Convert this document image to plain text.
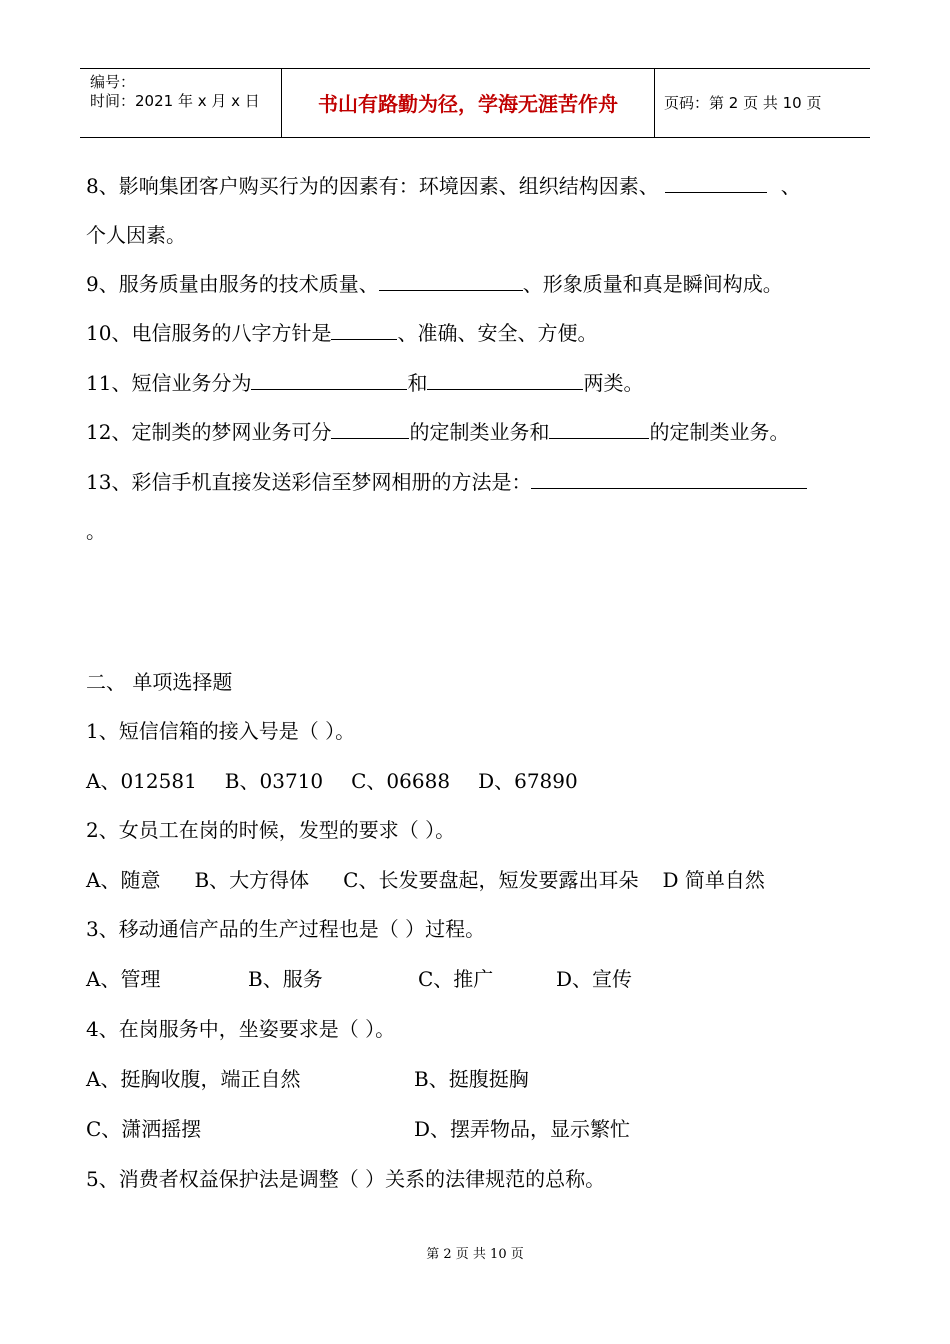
编号：
时间：2021 年 x 月 x 日	书山有路勤为径，学海无涯苦作舟	页码：第 2 页 共 10 页
8、影响集团客户购买行为的因素有：环境因素、组织结构因素、	、
个人因素。
9、服务质量由服务的技术质量、	、形象质量和真是瞬间构成。
10、电信服务的八字方针是	、准确、安全、方便。
11、短信业务分为	和	两类。
12、定制类的梦网业务可分	的定制类业务和	的定制类业务。
13、彩信手机直接发送彩信至梦网相册的方法是：
。
二、 单项选择题
1、短信信箱的接入号是（ ）。
A、012581 B、03710 C、06688 D、67890
2、女员工在岗的时候，发型的要求（ ）。
A、随意 B、大方得体 C、长发要盘起，短发要露出耳朵 D 简单自然
3、移动通信产品的生产过程也是（ ）过程。
A、管理	B、服务	C、推广	D、宣传
4、在岗服务中，坐姿要求是（ ）。
A、挺胸收腹，端正自然	B、挺腹挺胸
C、潇洒摇摆	D、摆弄物品，显示繁忙
5、消费者权益保护法是调整（ ）关系的法律规范的总称。
第 2 页 共 10 页
